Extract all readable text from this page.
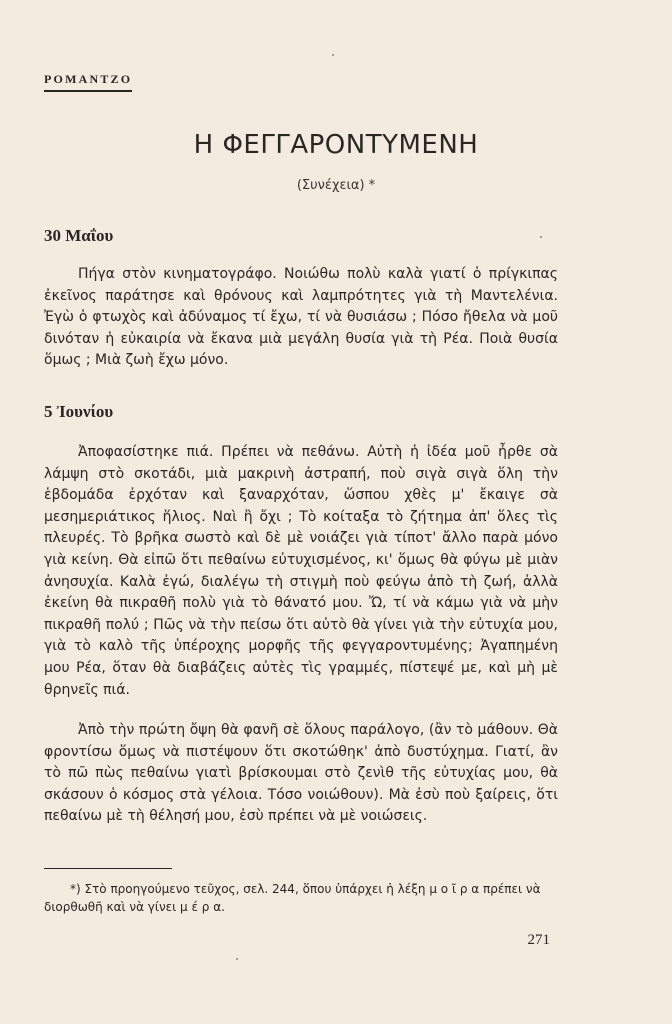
ΡΟΜΑΝΤΖΟ
Η ΦΕΓΓΑΡΟΝΤΥΜΕΝΗ
(Συνέχεια) *
30 Μαΐου

Πήγα στὸν κινηματογράφο. Νοιώθω πολὺ καλὰ γιατί ὁ πρίγκιπας ἐκεῖνος παράτησε καὶ θρόνους καὶ λαμπρότητες γιὰ τὴ Μαντελένια. Ἐγὼ ὁ φτωχὸς καὶ ἀδύναμος τί ἔχω, τί νὰ θυσιάσω ; Πόσο ἤθελα νὰ μοῦ δινόταν ἡ εὐκαιρία νὰ ἔκανα μιὰ μεγάλη θυσία γιὰ τὴ Ρέα. Ποιὰ θυσία ὅμως ; Μιὰ ζωὴ ἔχω μόνο.

5 Ἰουνίου

Ἀποφασίστηκε πιά. Πρέπει νὰ πεθάνω. Αὐτὴ ἡ ἰδέα μοῦ ἦρθε σὰ λάμψη στὸ σκοτάδι, μιὰ μακρινὴ ἀστραπή, ποὺ σιγὰ σιγὰ ὅλη τὴν ἑβδομάδα ἐρχόταν καὶ ξαναρχόταν, ὥσπου χθὲς μ' ἔκαιγε σὰ μεσημεριάτικος ἥλιος. Ναὶ ἢ ὄχι ; Τὸ κοίταξα τὸ ζήτημα ἀπ' ὅλες τὶς πλευρές. Τὸ βρῆκα σωστὸ καὶ δὲ μὲ νοιάζει γιὰ τίποτ' ἄλλο παρὰ μόνο γιὰ κείνη. Θὰ εἰπῶ ὅτι πεθαίνω εὐτυχισμένος, κι' ὅμως θὰ φύγω μὲ μιὰν ἀνησυχία. Καλὰ ἐγώ, διαλέγω τὴ στιγμὴ ποὺ φεύγω ἀπὸ τὴ ζωή, ἀλλὰ ἐκείνη θὰ πικραθῆ πολὺ γιὰ τὸ θάνατό μου. Ὤ, τί νὰ κάμω γιὰ νὰ μὴν πικραθῆ πολύ ; Πῶς νὰ τὴν πείσω ὅτι αὐτὸ θὰ γίνει γιὰ τὴν εὐτυχία μου, γιὰ τὸ καλὸ τῆς ὑπέροχης μορφῆς τῆς φεγγαροντυμένης; Ἀγαπημένη μου Ρέα, ὅταν θὰ διαβάζεις αὐτὲς τὶς γραμμές, πίστεψέ με, καὶ μὴ μὲ θρηνεῖς πιά.

Ἀπὸ τὴν πρώτη ὄψη θὰ φανῆ σὲ ὅλους παράλογο, (ἂν τὸ μάθουν. Θὰ φροντίσω ὅμως νὰ πιστέψουν ὅτι σκοτώθηκ' ἀπὸ δυστύχημα. Γιατί, ἂν τὸ πῶ πὼς πεθαίνω γιατὶ βρίσκουμαι στὸ ζενὶθ τῆς εὐτυχίας μου, θὰ σκάσουν ὁ κόσμος στὰ γέλοια. Τόσο νοιώθουν). Μὰ ἐσὺ ποὺ ξαίρεις, ὅτι πεθαίνω μὲ τὴ θέλησή μου, ἐσὺ πρέπει νὰ μὲ νοιώσεις.

*) Στὸ προηγούμενο τεῦχος, σελ. 244, ὅπου ὑπάρχει ἡ λέξη μ ο ῖ ρ α πρέπει νὰ διορθωθῆ καὶ νὰ γίνει μ έ ρ α.

271
